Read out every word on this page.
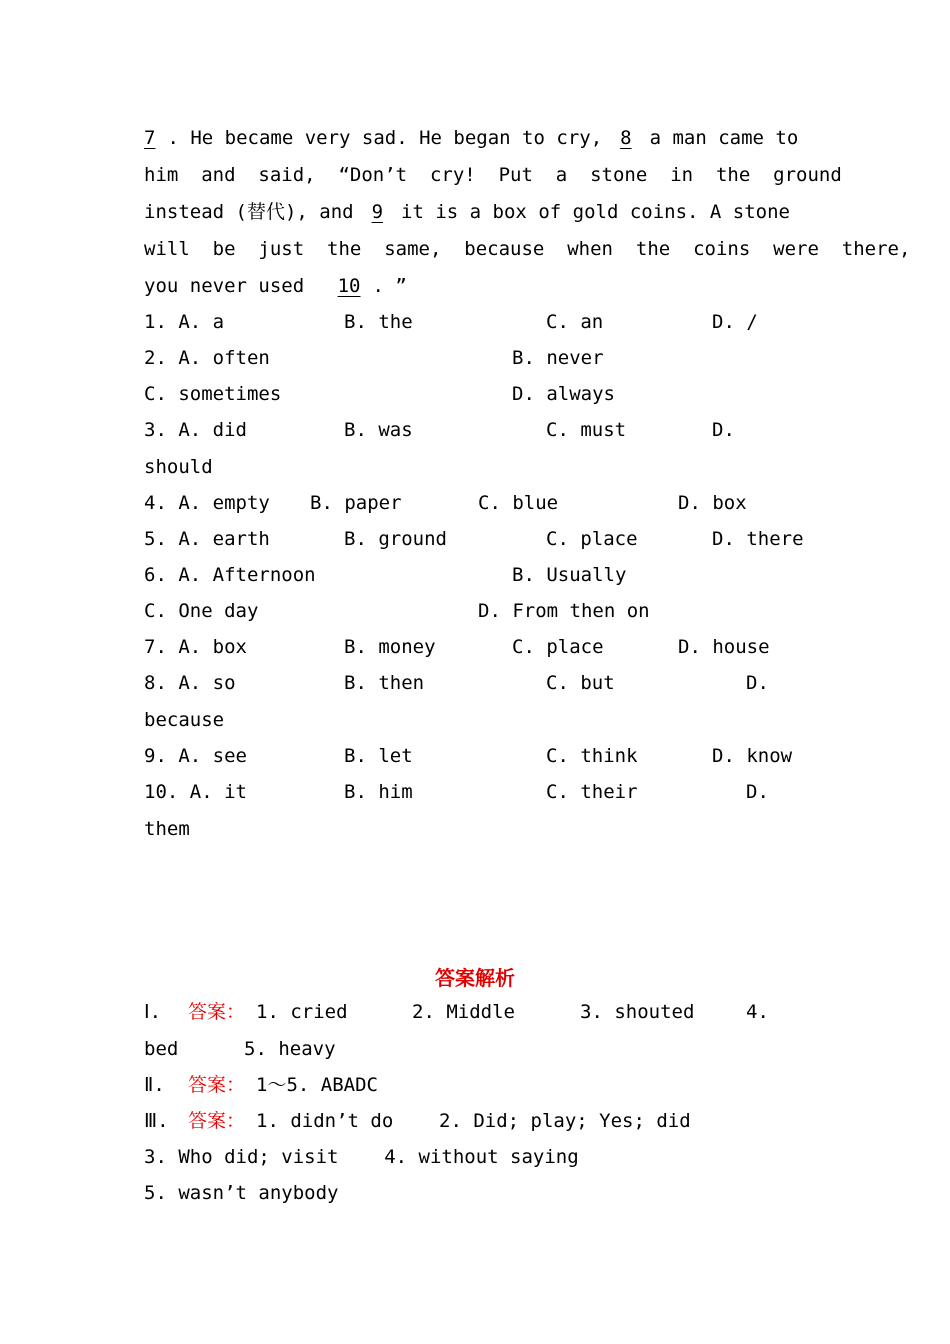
7 . He became very sad. He began to cry, 8 a man came to
him  and  said,  “Don’t  cry!  Put  a  stone  in  the  ground
instead (替代), and 9 it is a box of gold coins. A stone
will  be  just  the  same,  because  when  the  coins  were  there,
you never used 10 . ”
1. A. a	B. the	C. an	D. /
2. A. often	B. never
C. sometimes	D. always
3. A. did	B. was	C. must	D.
should
4. A. empty B. paper	C. blue	D. box
5. A. earth	B. ground	C. place	D. there
6. A. Afternoon	B. Usually
C. One day	D. From then on
7. A. box	B. money	C. place	D. house
8. A. so	B. then	C. but	D.
because
9. A. see	B. let	C. think	D. know
10. A. it	B. him	C. their	D.
them
答案解析

Ⅰ.

答案：

1. cried

	2. Middle

	3. shouted

	4.

bed

	5. heavy

Ⅱ.

答案：

1～5. ABADC

Ⅲ.

答案：

1. didn’t do    2. Did; play; Yes; did

3. Who did; visit    4. without saying
5. wasn’t anybody
